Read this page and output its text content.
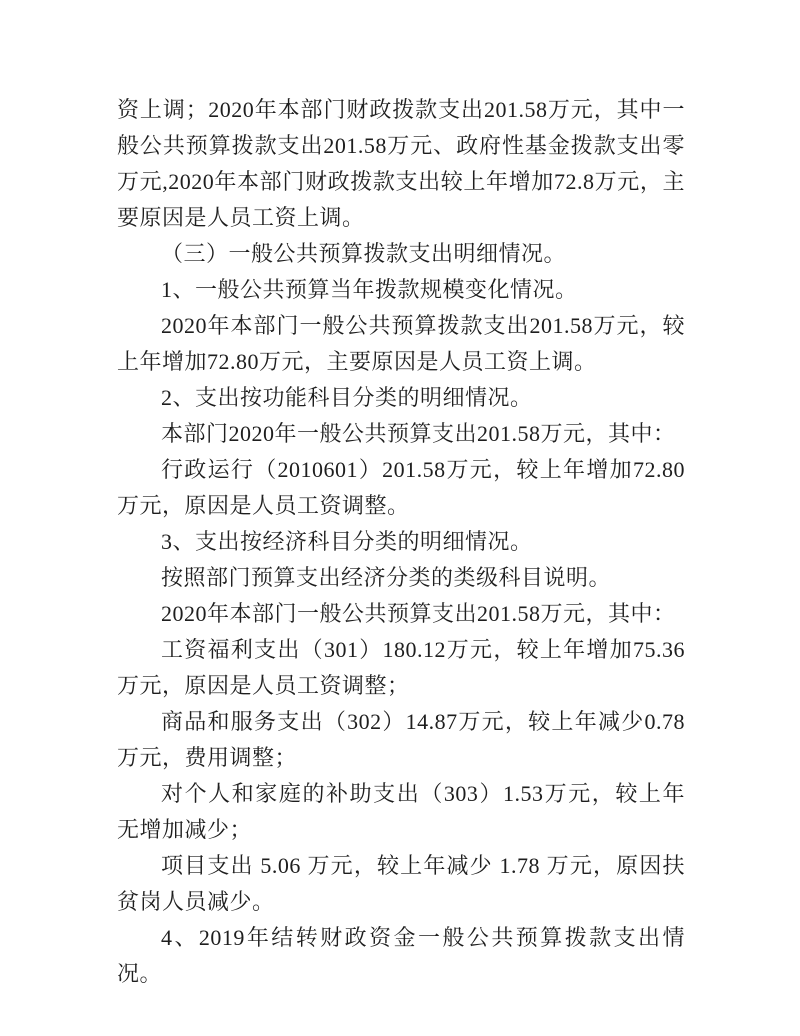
资上调；2020年本部门财政拨款支出201.58万元，其中一般公共预算拨款支出201.58万元、政府性基金拨款支出零万元,2020年本部门财政拨款支出较上年增加72.8万元，主要原因是人员工资上调。

（三）一般公共预算拨款支出明细情况。

1、一般公共预算当年拨款规模变化情况。

2020年本部门一般公共预算拨款支出201.58万元，较上年增加72.80万元，主要原因是人员工资上调。

2、支出按功能科目分类的明细情况。

本部门2020年一般公共预算支出201.58万元，其中：

行政运行（2010601）201.58万元，较上年增加72.80万元，原因是人员工资调整。

3、支出按经济科目分类的明细情况。

按照部门预算支出经济分类的类级科目说明。

2020年本部门一般公共预算支出201.58万元，其中：

工资福利支出（301）180.12万元，较上年增加75.36万元，原因是人员工资调整；

商品和服务支出（302）14.87万元，较上年减少0.78万元，费用调整；

对个人和家庭的补助支出（303）1.53万元，较上年无增加减少；

项目支出 5.06 万元，较上年减少 1.78 万元，原因扶贫岗人员减少。

4、2019年结转财政资金一般公共预算拨款支出情况。
